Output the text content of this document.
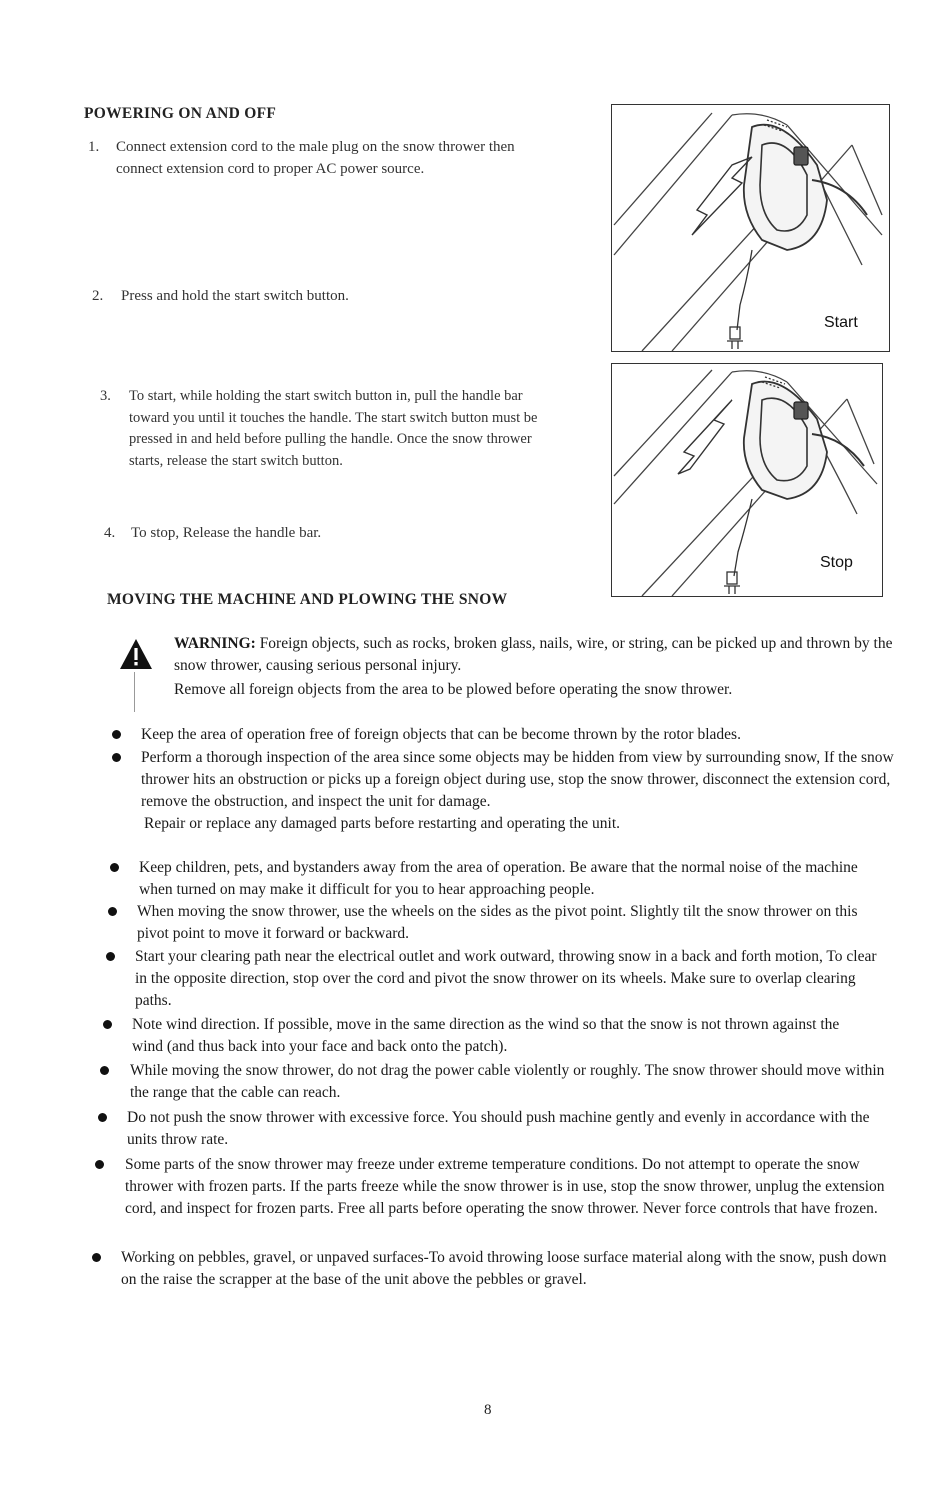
POWERING ON AND OFF
1. Connect extension cord to the male plug on the snow thrower then connect extension cord to proper AC power source.
2. Press and hold the start switch button.
3. To start, while holding the start switch button in, pull the handle bar toward you until it touches the handle. The start switch button must be pressed in and held before pulling the handle. Once the snow thrower starts, release the start switch button.
4. To stop, Release the handle bar.
Start
Stop
MOVING THE MACHINE AND PLOWING THE SNOW
WARNING: Foreign objects, such as rocks, broken glass, nails, wire, or string, can be picked up and thrown by the snow thrower, causing serious personal injury.
Remove all foreign objects from the area to be plowed before operating the snow thrower.

Keep the area of operation free of foreign objects that can be become thrown by the rotor blades.

Perform a thorough inspection of the area since some objects may be hidden from view by surrounding snow, If the snow thrower hits an obstruction or picks up a foreign object during use, stop the snow thrower, disconnect the extension cord, remove the obstruction, and inspect the unit for damage.

Repair or replace any damaged parts before restarting and operating the unit.

Keep children, pets, and bystanders away from the area of operation. Be aware that the normal noise of the machine when turned on may make it difficult for you to hear approaching people.

When moving the snow thrower, use the wheels on the sides as the pivot point. Slightly tilt the snow thrower on this pivot point to move it forward or backward.

Start your clearing path near the electrical outlet and work outward, throwing snow in a back and forth motion, To clear in the opposite direction, stop over the cord and pivot the snow thrower on its wheels. Make sure to overlap clearing paths.

Note wind direction. If possible, move in the same direction as the wind so that the snow is not thrown against the wind (and thus back into your face and back onto the patch).

While moving the snow thrower, do not drag the power cable violently or roughly. The snow thrower should move within the range that the cable can reach.

Do not push the snow thrower with excessive force. You should push machine gently and evenly in accordance with the units throw rate.

Some parts of the snow thrower may freeze under extreme temperature conditions. Do not attempt to operate the snow thrower with frozen parts. If the parts freeze while the snow thrower is in use, stop the snow thrower, unplug the extension cord, and inspect for frozen parts. Free all parts before operating the snow thrower. Never force controls that have frozen.

Working on pebbles, gravel, or unpaved surfaces-To avoid throwing loose surface material along with the snow, push down on the raise the scrapper at the base of the unit above the pebbles or gravel.

8
